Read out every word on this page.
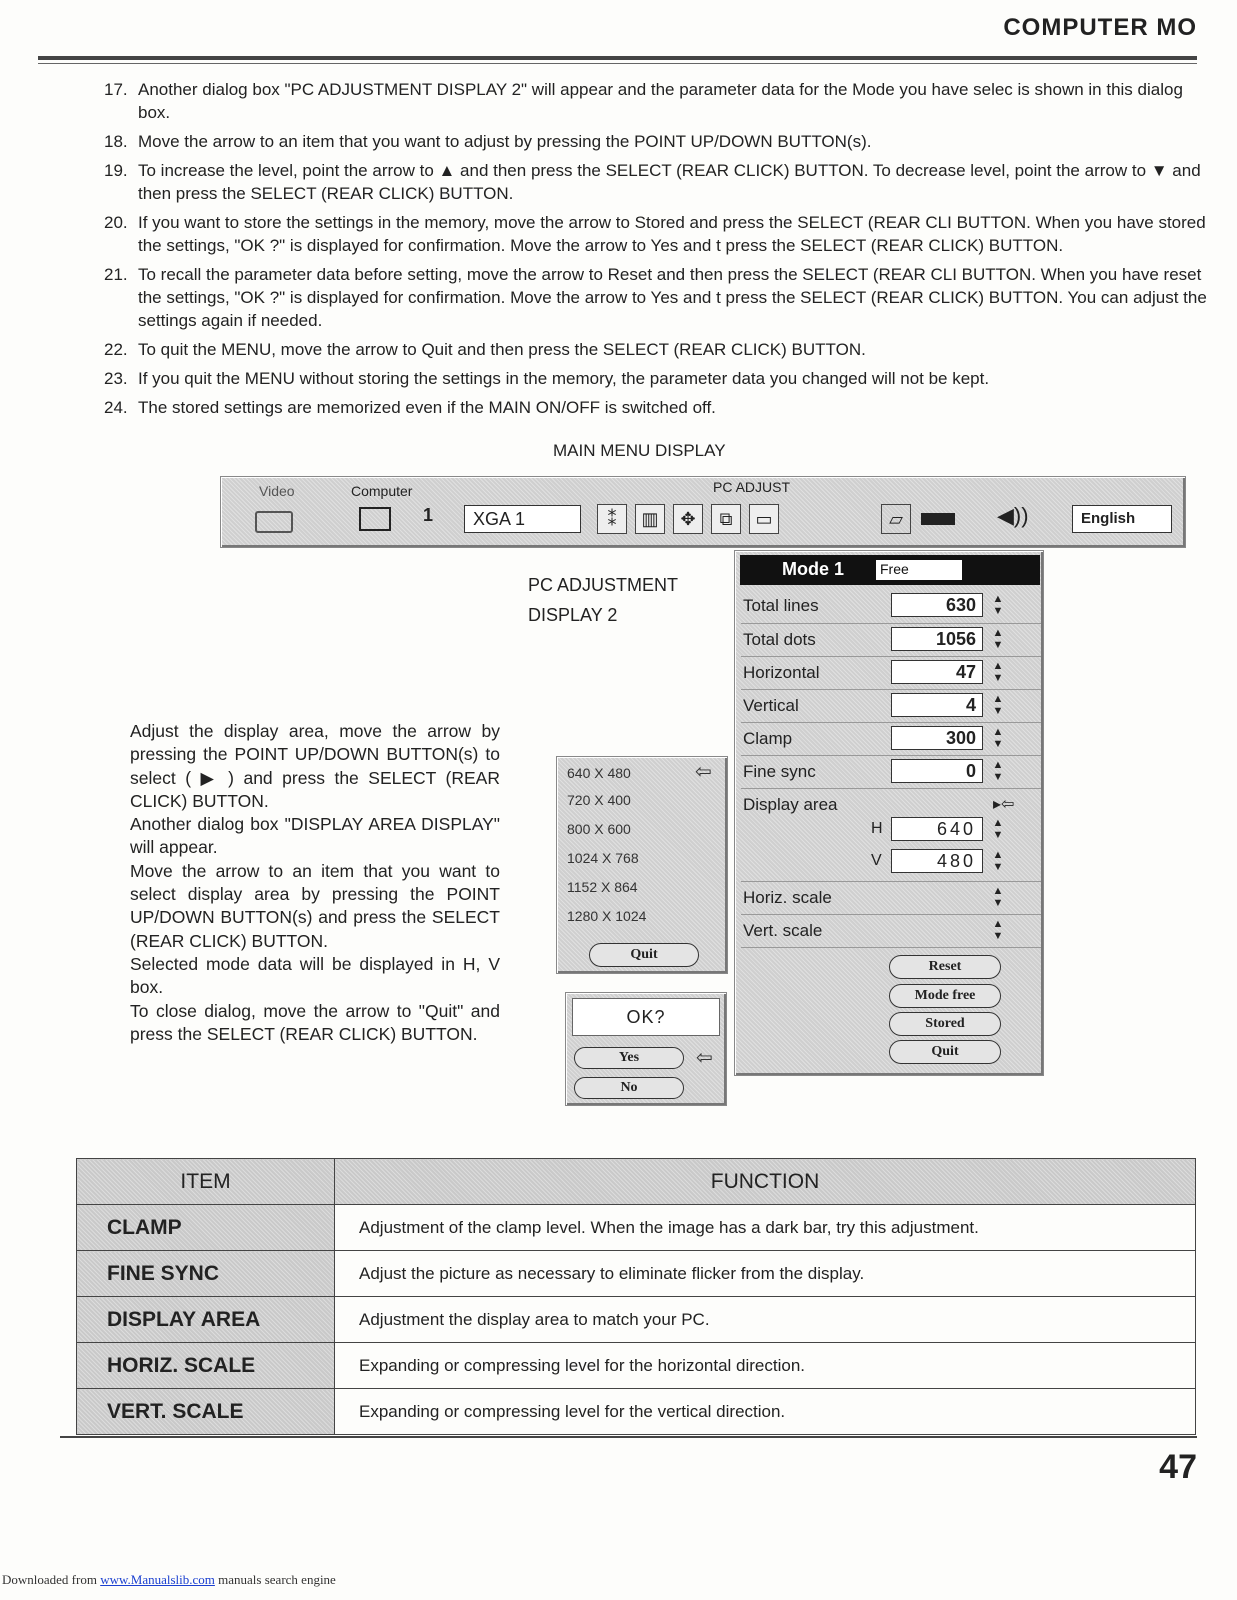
COMPUTER MO
17. Another dialog box "PC ADJUSTMENT DISPLAY 2" will appear and the parameter data for the Mode you have selec is shown in this dialog box.
18. Move the arrow to an item that you want to adjust by pressing the POINT UP/DOWN BUTTON(s).
19. To increase the level, point the arrow to ▲ and then press the SELECT (REAR CLICK) BUTTON. To decrease level, point the arrow to ▼ and then press the SELECT (REAR CLICK) BUTTON.
20. If you want to store the settings in the memory, move the arrow to Stored and press the SELECT (REAR CLI BUTTON. When you have stored the settings, "OK ?" is displayed for confirmation. Move the arrow to Yes and t press the SELECT (REAR CLICK) BUTTON.
21. To recall the parameter data before setting, move the arrow to Reset and then press the SELECT (REAR CLI BUTTON. When you have reset the settings, "OK ?" is displayed for confirmation. Move the arrow to Yes and t press the SELECT (REAR CLICK) BUTTON. You can adjust the settings again if needed.
22. To quit the MENU, move the arrow to Quit and then press the SELECT (REAR CLICK) BUTTON.
23. If you quit the MENU without storing the settings in the memory, the parameter data you changed will not be kept.
24. The stored settings are memorized even if the MAIN ON/OFF is switched off.
MAIN MENU DISPLAY
Video	Computer
1
PC ADJUST
XGA 1	⁑	▥	✥	⧉	▭	▱	◀))	English
PC ADJUSTMENT
DISPLAY 2
Mode 1	Free
Total lines	630	▲
▼
Total dots	1056	▲
▼
Horizontal	47	▲
▼
Vertical	4	▲
▼
Clamp	300	▲
▼
Fine sync	0	▲
▼
Display area	▸⇦
H	640	▲
▼
V	480	▲
▼
Horiz. scale	▲
▼
Vert. scale	▲
▼
Reset
Mode free
Stored
Quit
640 X 480	⇦
720 X 400
800 X 600
1024 X 768
1152 X 864
1280 X 1024
Quit
OK?
Yes	⇦
No

Adjust the display area, move the arrow by pressing the POINT UP/DOWN BUTTON(s) to select ( ▶ ) and press the SELECT (REAR CLICK) BUTTON.

Another dialog box "DISPLAY AREA DISPLAY" will appear.

Move the arrow to an item that you want to select display area by pressing the POINT UP/DOWN BUTTON(s) and press the SELECT (REAR CLICK) BUTTON.

Selected mode data will be displayed in H, V box.

To close dialog, move the arrow to "Quit" and press the SELECT (REAR CLICK) BUTTON.

ITEM	FUNCTION
CLAMP	Adjustment of the clamp level. When the image has a dark bar, try this adjustment.
FINE SYNC	Adjust the picture as necessary to eliminate flicker from the display.
DISPLAY AREA	Adjustment the display area to match your PC.
HORIZ. SCALE	Expanding or compressing level for the horizontal direction.
VERT. SCALE	Expanding or compressing level for the vertical direction.
47
Downloaded from www.Manualslib.com manuals search engine
